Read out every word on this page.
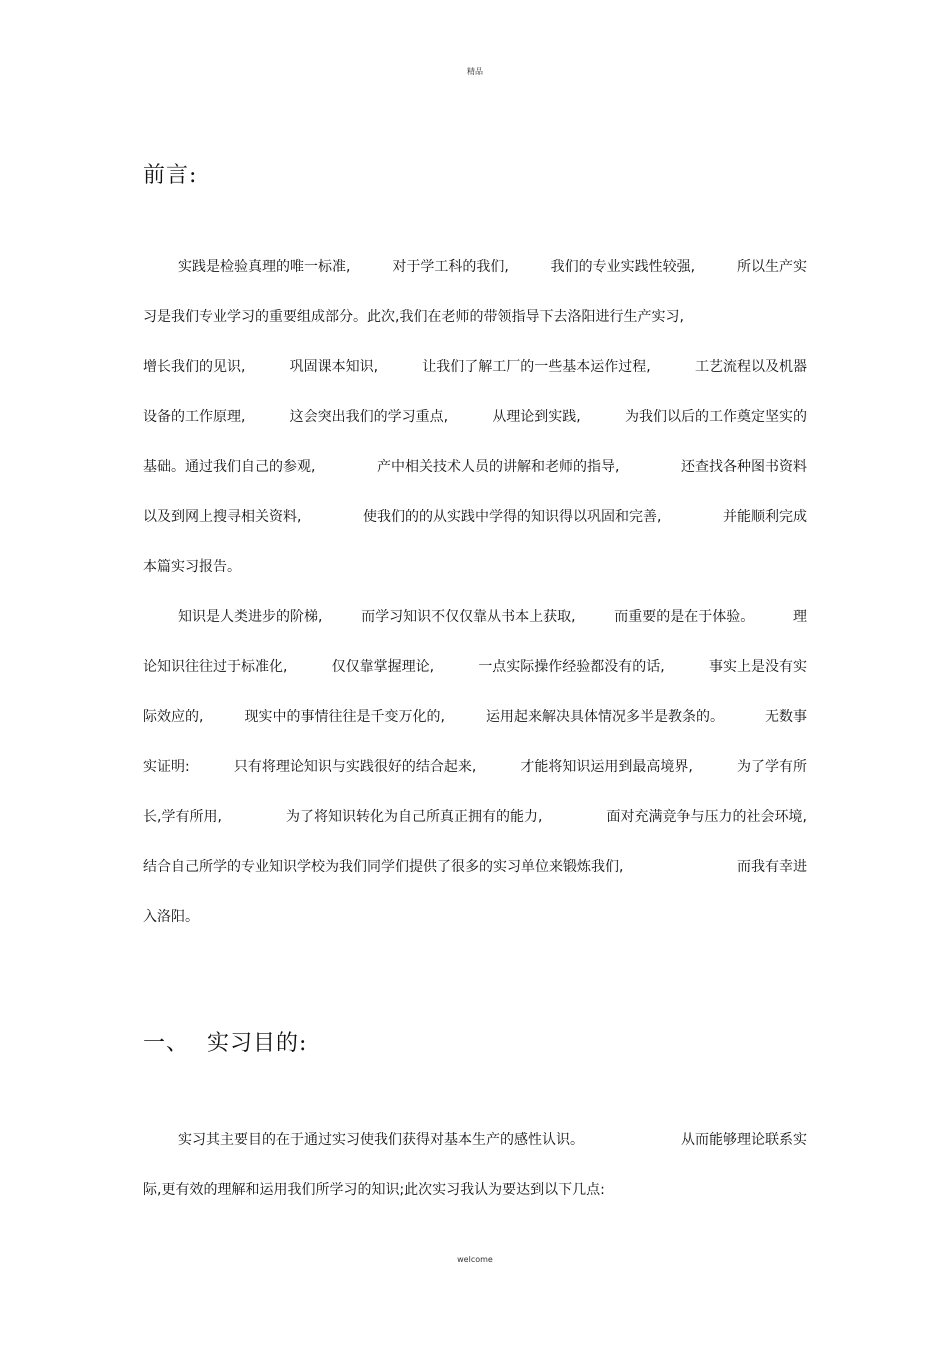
精品
前言:
实践是检验真理的唯一标准,	对于学工科的我们,	我们的专业实践性较强,	所以生产实
习是我们专业学习的重要组成部分。此次,我们在老师的带领指导下去洛阳进行生产实习,
增长我们的见识,	巩固课本知识,	让我们了解工厂的一些基本运作过程,	工艺流程以及机器
设备的工作原理,	这会突出我们的学习重点,	从理论到实践,	为我们以后的工作奠定坚实的
基础。通过我们自己的参观,	产中相关技术人员的讲解和老师的指导,	还查找各种图书资料
以及到网上搜寻相关资料,	使我们的的从实践中学得的知识得以巩固和完善,	并能顺利完成
本篇实习报告。
知识是人类进步的阶梯,	而学习知识不仅仅靠从书本上获取,	而重要的是在于体验。	理
论知识往往过于标准化,	仅仅靠掌握理论,	一点实际操作经验都没有的话,	事实上是没有实
际效应的,	现实中的事情往往是千变万化的,	运用起来解决具体情况多半是教条的。	无数事
实证明:	只有将理论知识与实践很好的结合起来,	才能将知识运用到最高境界,	为了学有所
长,学有所用,	为了将知识转化为自己所真正拥有的能力,	面对充满竞争与压力的社会环境,
结合自己所学的专业知识学校为我们同学们提供了很多的实习单位来锻炼我们,	而我有幸进
入洛阳。
一、 实习目的:
实习其主要目的在于通过实习使我们获得对基本生产的感性认识。	从而能够理论联系实
际,更有效的理解和运用我们所学习的知识;此次实习我认为要达到以下几点:
welcome
